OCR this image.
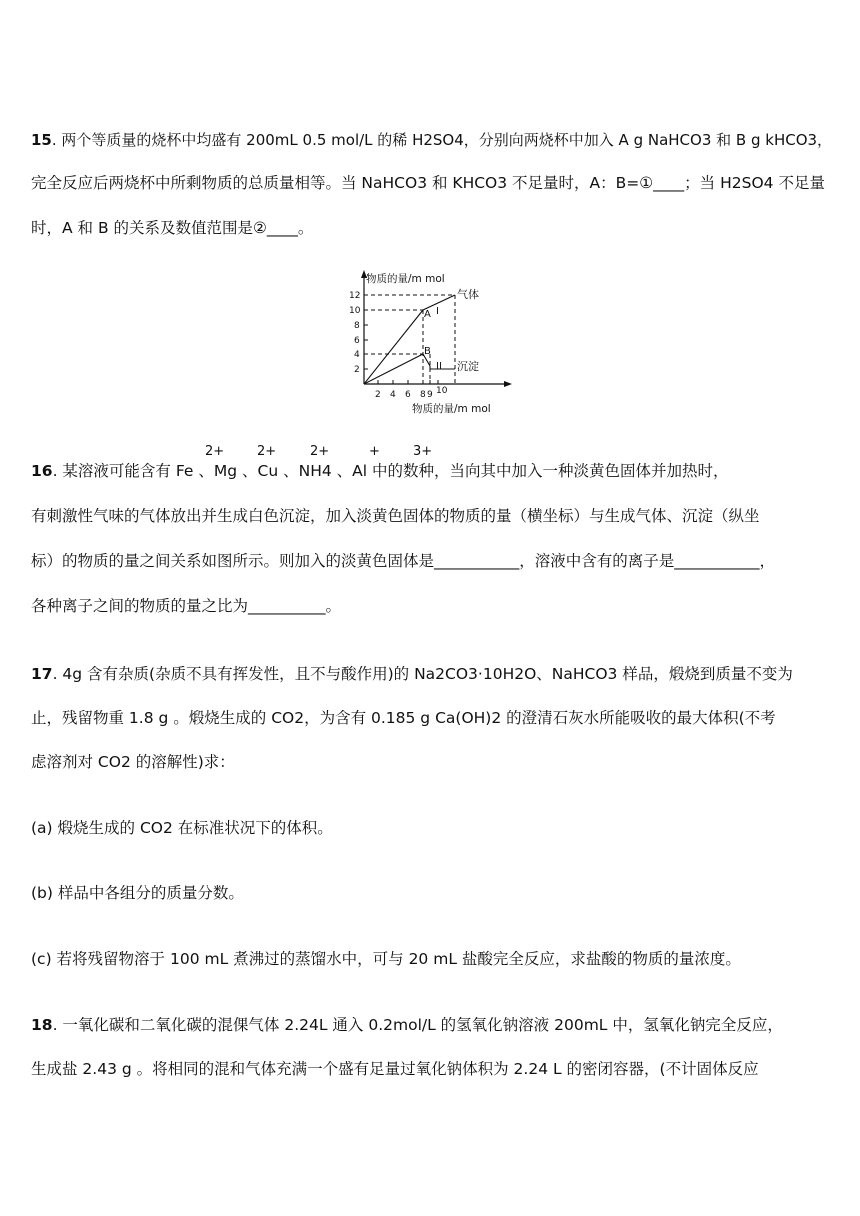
15. 两个等质量的烧杯中均盛有 200mL 0.5 mol/L 的稀 H2SO4，分别向两烧杯中加入 A g NaHCO3 和 B g kHCO3，
完全反应后两烧杯中所剩物质的总质量相等。当 NaHCO3 和 KHCO3 不足量时，A：B=①____；当 H2SO4 不足量
时，A 和 B 的关系及数值范围是②____。
物质的量/m mol
物质的量/m mol
12
10
8
6
4
2
2 4 6 8 9 10
A I
气体
B
II 沉淀
2+	2+	2+	+	3+
16. 某溶液可能含有 Fe 、Mg 、Cu 、NH4 、Al 中的数种，当向其中加入一种淡黄色固体并加热时，
有刺激性气味的气体放出并生成白色沉淀，加入淡黄色固体的物质的量（横坐标）与生成气体、沉淀（纵坐
标）的物质的量之间关系如图所示。则加入的淡黄色固体是___________，溶液中含有的离子是___________，
各种离子之间的物质的量之比为__________。
17. 4g 含有杂质(杂质不具有挥发性，且不与酸作用)的 Na2CO3·10H2O、NaHCO3 样品，煅烧到质量不变为
止，残留物重 1.8 g 。煅烧生成的 CO2，为含有 0.185 g Ca(OH)2 的澄清石灰水所能吸收的最大体积(不考
虑溶剂对 CO2 的溶解性)求：
(a) 煅烧生成的 CO2 在标准状况下的体积。
(b) 样品中各组分的质量分数。
(c) 若将残留物溶于 100 mL 煮沸过的蒸馏水中，可与 20 mL 盐酸完全反应，求盐酸的物质的量浓度。
18. 一氧化碳和二氧化碳的混倮气体 2.24L 通入 0.2mol/L 的氢氧化钠溶液 200mL 中，氢氧化钠完全反应，
生成盐 2.43 g 。将相同的混和气体充满一个盛有足量过氧化钠体积为 2.24 L 的密闭容器，(不计固体反应
